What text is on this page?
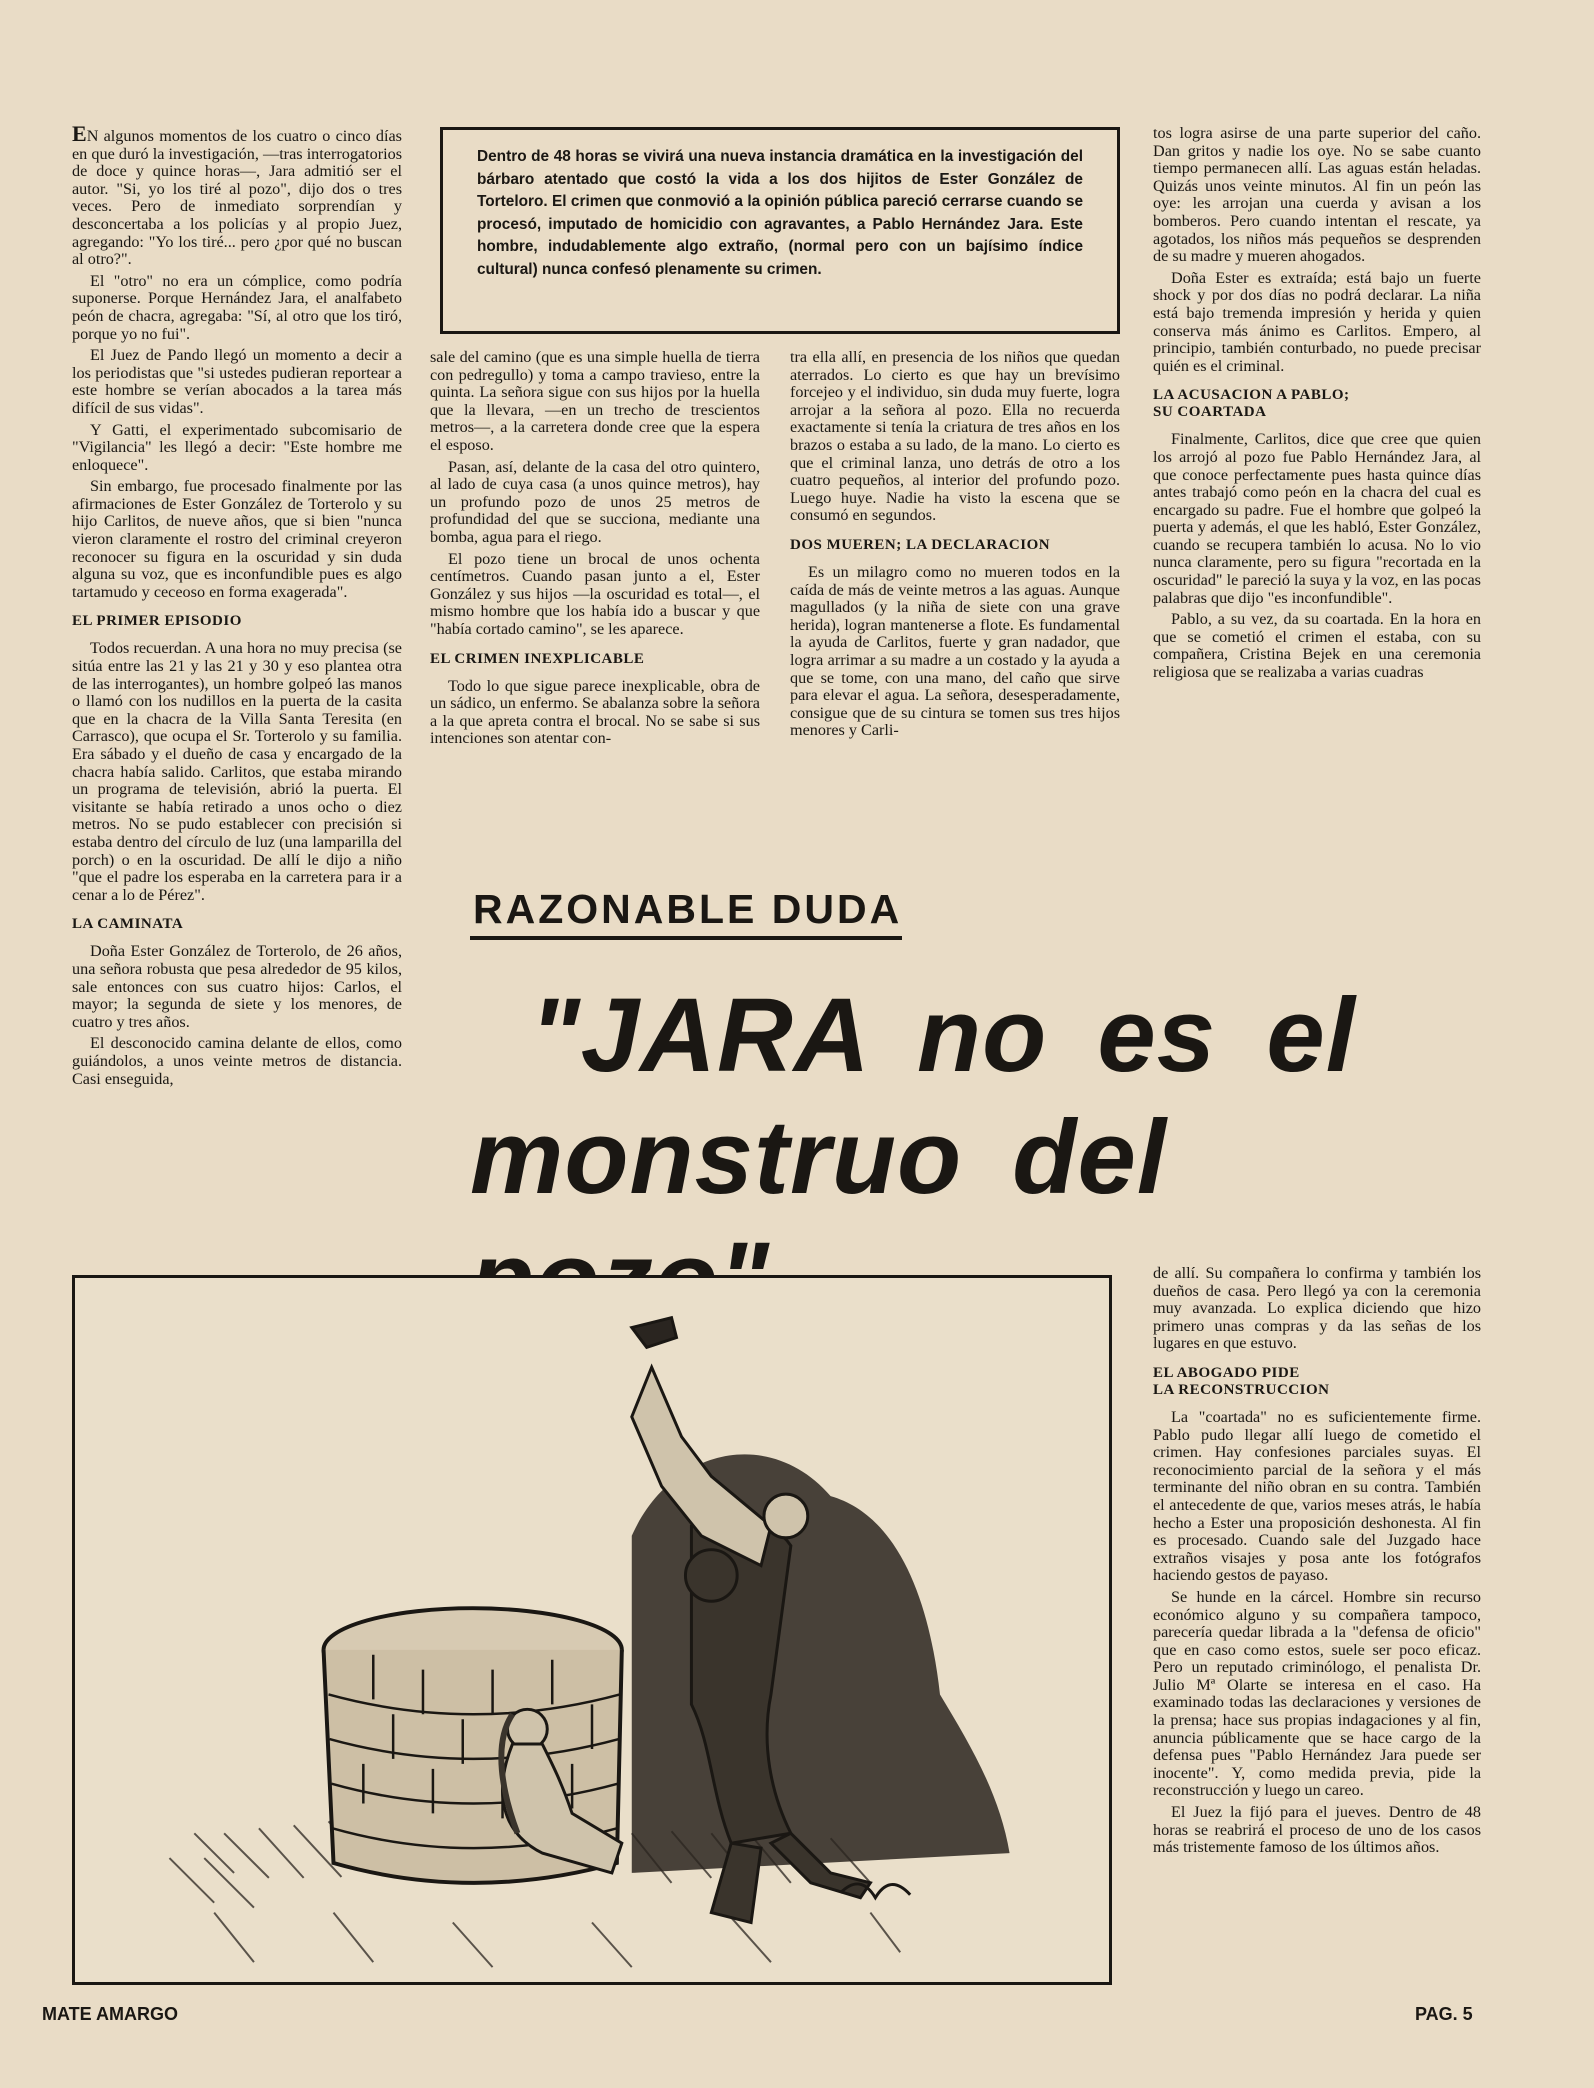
EN algunos momentos de los cuatro o cinco días en que duró la investigación, —tras interrogatorios de doce y quince horas—, Jara admitió ser el autor. "Si, yo los tiré al pozo", dijo dos o tres veces. Pero de inmediato sorprendían y desconcertaba a los policías y al propio Juez, agregando: "Yo los tiré... pero ¿por qué no buscan al otro?".

El "otro" no era un cómplice, como podría suponerse. Porque Hernández Jara, el analfabeto peón de chacra, agregaba: "Sí, al otro que los tiró, porque yo no fui".

El Juez de Pando llegó un momento a decir a los periodistas que "si ustedes pudieran reportear a este hombre se verían abocados a la tarea más difícil de sus vidas".

Y Gatti, el experimentado subcomisario de "Vigilancia" les llegó a decir: "Este hombre me enloquece".

Sin embargo, fue procesado finalmente por las afirmaciones de Ester González de Torterolo y su hijo Carlitos, de nueve años, que si bien "nunca vieron claramente el rostro del criminal creyeron reconocer su figura en la oscuridad y sin duda alguna su voz, que es inconfundible pues es algo tartamudo y ceceoso en forma exagerada".

EL PRIMER EPISODIO

Todos recuerdan. A una hora no muy precisa (se sitúa entre las 21 y las 21 y 30 y eso plantea otra de las interrogantes), un hombre golpeó las manos o llamó con los nudillos en la puerta de la casita que en la chacra de la Villa Santa Teresita (en Carrasco), que ocupa el Sr. Torterolo y su familia. Era sábado y el dueño de casa y encargado de la chacra había salido. Carlitos, que estaba mirando un programa de televisión, abrió la puerta. El visitante se había retirado a unos ocho o diez metros. No se pudo establecer con precisión si estaba dentro del círculo de luz (una lamparilla del porch) o en la oscuridad. De allí le dijo a niño "que el padre los esperaba en la carretera para ir a cenar a lo de Pérez".

LA CAMINATA

Doña Ester González de Torterolo, de 26 años, una señora robusta que pesa alrededor de 95 kilos, sale entonces con sus cuatro hijos: Carlos, el mayor; la segunda de siete y los menores, de cuatro y tres años.

El desconocido camina delante de ellos, como guiándolos, a unos veinte metros de distancia. Casi enseguida,

Dentro de 48 horas se vivirá una nueva instancia dramática en la investigación del bárbaro atentado que costó la vida a los dos hijitos de Ester González de Torteloro. El crimen que conmovió a la opinión pública pareció cerrarse cuando se procesó, imputado de homicidio con agravantes, a Pablo Hernández Jara. Este hombre, indudablemente algo extraño, (normal pero con un bajísimo índice cultural) nunca confesó plenamente su crimen.

sale del camino (que es una simple huella de tierra con pedregullo) y toma a campo travieso, entre la quinta. La señora sigue con sus hijos por la huella que la llevara, —en un trecho de trescientos metros—, a la carretera donde cree que la espera el esposo.

Pasan, así, delante de la casa del otro quintero, al lado de cuya casa (a unos quince metros), hay un profundo pozo de unos 25 metros de profundidad del que se succiona, mediante una bomba, agua para el riego.

El pozo tiene un brocal de unos ochenta centímetros. Cuando pasan junto a el, Ester González y sus hijos —la oscuridad es total—, el mismo hombre que los había ido a buscar y que "había cortado camino", se les aparece.

EL CRIMEN INEXPLICABLE

Todo lo que sigue parece inexplicable, obra de un sádico, un enfermo. Se abalanza sobre la señora a la que apreta contra el brocal. No se sabe si sus intenciones son atentar con-

tra ella allí, en presencia de los niños que quedan aterrados. Lo cierto es que hay un brevísimo forcejeo y el individuo, sin duda muy fuerte, logra arrojar a la señora al pozo. Ella no recuerda exactamente si tenía la criatura de tres años en los brazos o estaba a su lado, de la mano. Lo cierto es que el criminal lanza, uno detrás de otro a los cuatro pequeños, al interior del profundo pozo. Luego huye. Nadie ha visto la escena que se consumó en segundos.

DOS MUEREN; LA DECLARACION

Es un milagro como no mueren todos en la caída de más de veinte metros a las aguas. Aunque magullados (y la niña de siete con una grave herida), logran mantenerse a flote. Es fundamental la ayuda de Carlitos, fuerte y gran nadador, que logra arrimar a su madre a un costado y la ayuda a que se tome, con una mano, del caño que sirve para elevar el agua. La señora, desesperadamente, consigue que de su cintura se tomen sus tres hijos menores y Carli-

tos logra asirse de una parte superior del caño. Dan gritos y nadie los oye. No se sabe cuanto tiempo permanecen allí. Las aguas están heladas. Quizás unos veinte minutos. Al fin un peón las oye: les arrojan una cuerda y avisan a los bomberos. Pero cuando intentan el rescate, ya agotados, los niños más pequeños se desprenden de su madre y mueren ahogados.

Doña Ester es extraída; está bajo un fuerte shock y por dos días no podrá declarar. La niña está bajo tremenda impresión y herida y quien conserva más ánimo es Carlitos. Empero, al principio, también conturbado, no puede precisar quién es el criminal.

LA ACUSACION A PABLO;
SU COARTADA

Finalmente, Carlitos, dice que cree que quien los arrojó al pozo fue Pablo Hernández Jara, al que conoce perfectamente pues hasta quince días antes trabajó como peón en la chacra del cual es encargado su padre. Fue el hombre que golpeó la puerta y además, el que les habló, Ester González, cuando se recupera también lo acusa. No lo vio nunca claramente, pero su figura "recortada en la oscuridad" le pareció la suya y la voz, en las pocas palabras que dijo "es inconfundible".

Pablo, a su vez, da su coartada. En la hora en que se cometió el crimen el estaba, con su compañera, Cristina Bejek en una ceremonia religiosa que se realizaba a varias cuadras

RAZONABLE DUDA
"JARA no es el
monstruo del

de allí. Su compañera lo confirma y también los dueños de casa. Pero llegó ya con la ceremonia muy avanzada. Lo explica diciendo que hizo primero unas compras y da las señas de los lugares en que estuvo.

EL ABOGADO PIDE
LA RECONSTRUCCION

La "coartada" no es suficientemente firme. Pablo pudo llegar allí luego de cometido el crimen. Hay confesiones parciales suyas. El reconocimiento parcial de la señora y el más terminante del niño obran en su contra. También el antecedente de que, varios meses atrás, le había hecho a Ester una proposición deshonesta. Al fin es procesado. Cuando sale del Juzgado hace extraños visajes y posa ante los fotógrafos haciendo gestos de payaso.

Se hunde en la cárcel. Hombre sin recurso económico alguno y su compañera tampoco, parecería quedar librada a la "defensa de oficio" que en caso como estos, suele ser poco eficaz. Pero un reputado criminólogo, el penalista Dr. Julio Mª Olarte se interesa en el caso. Ha examinado todas las declaraciones y versiones de la prensa; hace sus propias indagaciones y al fin, anuncia públicamente que se hace cargo de la defensa pues "Pablo Hernández Jara puede ser inocente". Y, como medida previa, pide la reconstrucción y luego un careo.

El Juez la fijó para el jueves. Dentro de 48 horas se reabrirá el proceso de uno de los casos más tristemente famoso de los últimos años.

MATE AMARGO	PAG. 5
